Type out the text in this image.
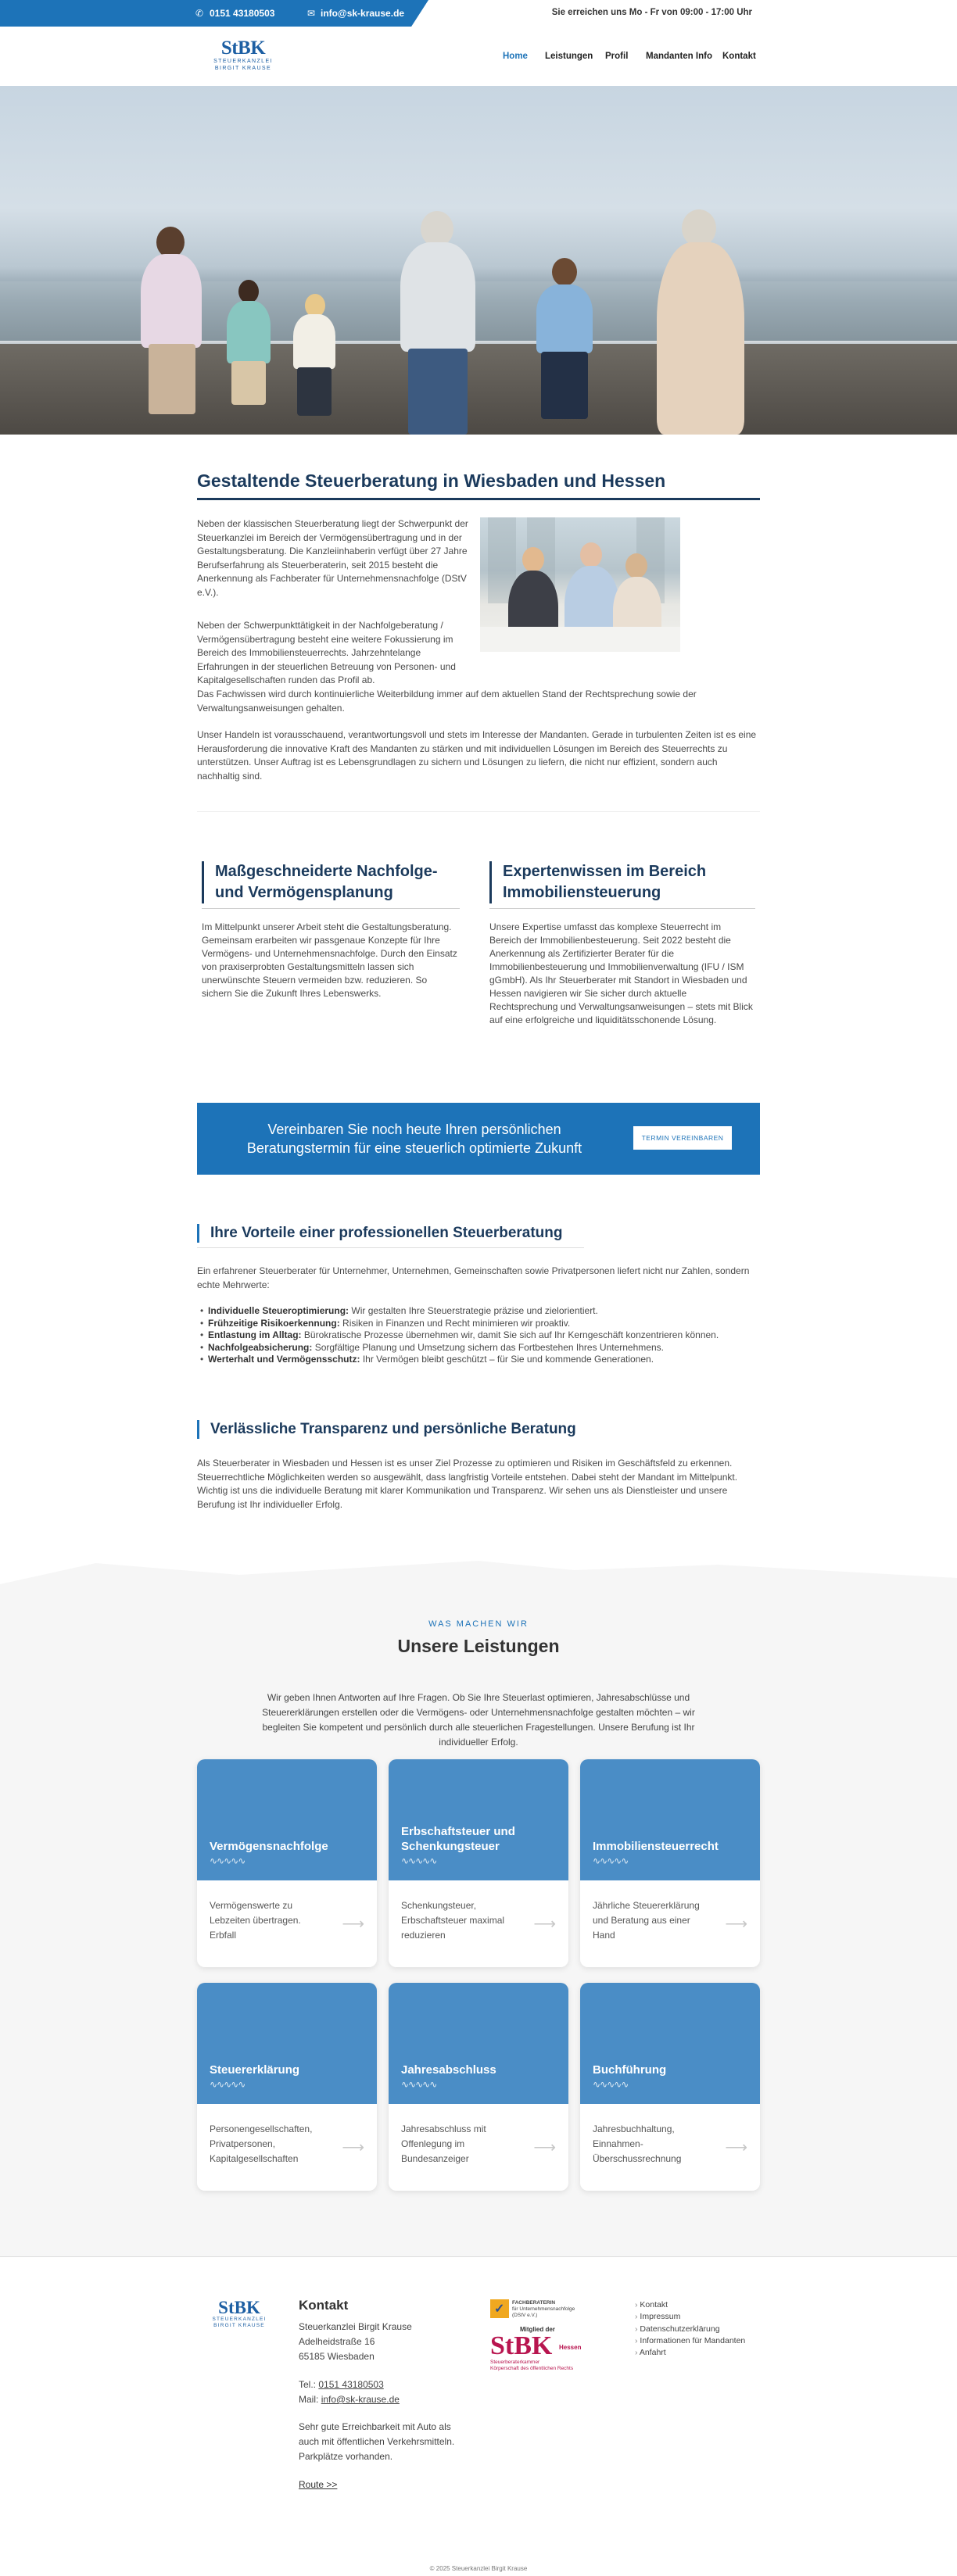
✆ 0151 43180503	✉ info@sk-krause.de	Sie erreichen uns Mo - Fr von 09:00 - 17:00 Uhr
StBK
STEUERKANZLEI
BIRGIT KRAUSE
Home Leistungen Profil Mandanten Info Kontakt
Gestaltende Steuerberatung in Wiesbaden und Hessen

Neben der klassischen Steuerberatung liegt der Schwerpunkt der Steuerkanzlei im Bereich der Vermögensübertragung und in der Gestaltungsberatung. Die Kanzleiinhaberin verfügt über 27 Jahre Berufserfahrung als Steuerberaterin, seit 2015 besteht die Anerkennung als Fachberater für Unternehmensnachfolge (DStV e.V.).

Neben der Schwerpunkttätigkeit in der Nachfolgeberatung / Vermögensübertragung besteht eine weitere Fokussierung im Bereich des Immobiliensteuerrechts. Jahrzehntelange Erfahrungen in der steuerlichen Betreuung von Personen- und Kapitalgesellschaften runden das Profil ab.

Das Fachwissen wird durch kontinuierliche Weiterbildung immer auf dem aktuellen Stand der Rechtsprechung sowie der Verwaltungsanweisungen gehalten.

Unser Handeln ist vorausschauend, verantwortungsvoll und stets im Interesse der Mandanten. Gerade in turbulenten Zeiten ist es eine Herausforderung die innovative Kraft des Mandanten zu stärken und mit individuellen Lösungen im Bereich des Steuerrechts zu unterstützen. Unser Auftrag ist es Lebensgrundlagen zu sichern und Lösungen zu liefern, die nicht nur effizient, sondern auch nachhaltig sind.

Maßgeschneiderte Nachfolge- und Vermögensplanung

Im Mittelpunkt unserer Arbeit steht die Gestaltungsberatung. Gemeinsam erarbeiten wir passgenaue Konzepte für Ihre Vermögens- und Unternehmensnachfolge. Durch den Einsatz von praxiserprobten Gestaltungsmitteln lassen sich unerwünschte Steuern vermeiden bzw. reduzieren. So sichern Sie die Zukunft Ihres Lebenswerks.

Expertenwissen im Bereich Immobiliensteuerung

Unsere Expertise umfasst das komplexe Steuerrecht im Bereich der Immobilienbesteuerung. Seit 2022 besteht die Anerkennung als Zertifizierter Berater für die Immobilienbesteuerung und Immobilienverwaltung (IFU / ISM gGmbH). Als Ihr Steuerberater mit Standort in Wiesbaden und Hessen navigieren wir Sie sicher durch aktuelle Rechtsprechung und Verwaltungsanweisungen – stets mit Blick auf eine erfolgreiche und liquiditätsschonende Lösung.

Vereinbaren Sie noch heute Ihren persönlichen Beratungstermin für eine steuerlich optimierte Zukunft
TERMIN VEREINBAREN
Ihre Vorteile einer professionellen Steuerberatung

Ein erfahrener Steuerberater für Unternehmer, Unternehmen, Gemeinschaften sowie Privatpersonen liefert nicht nur Zahlen, sondern echte Mehrwerte:

• Individuelle Steueroptimierung: Wir gestalten Ihre Steuerstrategie präzise und zielorientiert.
• Frühzeitige Risikoerkennung: Risiken in Finanzen und Recht minimieren wir proaktiv.
• Entlastung im Alltag: Bürokratische Prozesse übernehmen wir, damit Sie sich auf Ihr Kerngeschäft konzentrieren können.
• Nachfolgeabsicherung: Sorgfältige Planung und Umsetzung sichern das Fortbestehen Ihres Unternehmens.
• Werterhalt und Vermögensschutz: Ihr Vermögen bleibt geschützt – für Sie und kommende Generationen.
Verlässliche Transparenz und persönliche Beratung

Als Steuerberater in Wiesbaden und Hessen ist es unser Ziel Prozesse zu optimieren und Risiken im Geschäftsfeld zu erkennen. Steuerrechtliche Möglichkeiten werden so ausgewählt, dass langfristig Vorteile entstehen. Dabei steht der Mandant im Mittelpunkt. Wichtig ist uns die individuelle Beratung mit klarer Kommunikation und Transparenz. Wir sehen uns als Dienstleister und unsere Berufung ist Ihr individueller Erfolg.

WAS MACHEN WIR
Unsere Leistungen

Wir geben Ihnen Antworten auf Ihre Fragen. Ob Sie Ihre Steuerlast optimieren, Jahresabschlüsse und Steuererklärungen erstellen oder die Vermögens- oder Unternehmensnachfolge gestalten möchten – wir begleiten Sie kompetent und persönlich durch alle steuerlichen Fragestellungen. Unsere Berufung ist Ihr individueller Erfolg.

Vermögensnachfolge
∿∿∿∿∿
Vermögenswerte zu Lebzeiten übertragen. Erbfall
⟶
Erbschaftsteuer und Schenkungsteuer
∿∿∿∿∿
Schenkungsteuer, Erbschaftsteuer maximal reduzieren
⟶
Immobiliensteuerrecht
∿∿∿∿∿
Jährliche Steuererklärung und Beratung aus einer Hand
⟶
Steuererklärung
∿∿∿∿∿
Personengesellschaften, Privatpersonen, Kapitalgesellschaften
⟶
Jahresabschluss
∿∿∿∿∿
Jahresabschluss mit Offenlegung im Bundesanzeiger
⟶
Buchführung
∿∿∿∿∿
Jahresbuchhaltung, Einnahmen-Überschussrechnung
⟶
StBK
STEUERKANZLEI
BIRGIT KRAUSE
Kontakt
Steuerkanzlei Birgit Krause
Adelheidstraße 16
65185 Wiesbaden
Tel.: 0151 43180503
Mail: info@sk-krause.de

Sehr gute Erreichbarkeit mit Auto als auch mit öffentlichen Verkehrsmitteln. Parkplätze vorhanden.

Route >>
✓ FACHBERATERIN
für Unternehmensnachfolge
(DStV e.V.)
Mitglied der
StBK Hessen
Steuerberaterkammer
Körperschaft des öffentlichen Rechts
› Kontakt
› Impressum
› Datenschutzerklärung
› Informationen für Mandanten
› Anfahrt
© 2025 Steuerkanzlei Birgit Krause
